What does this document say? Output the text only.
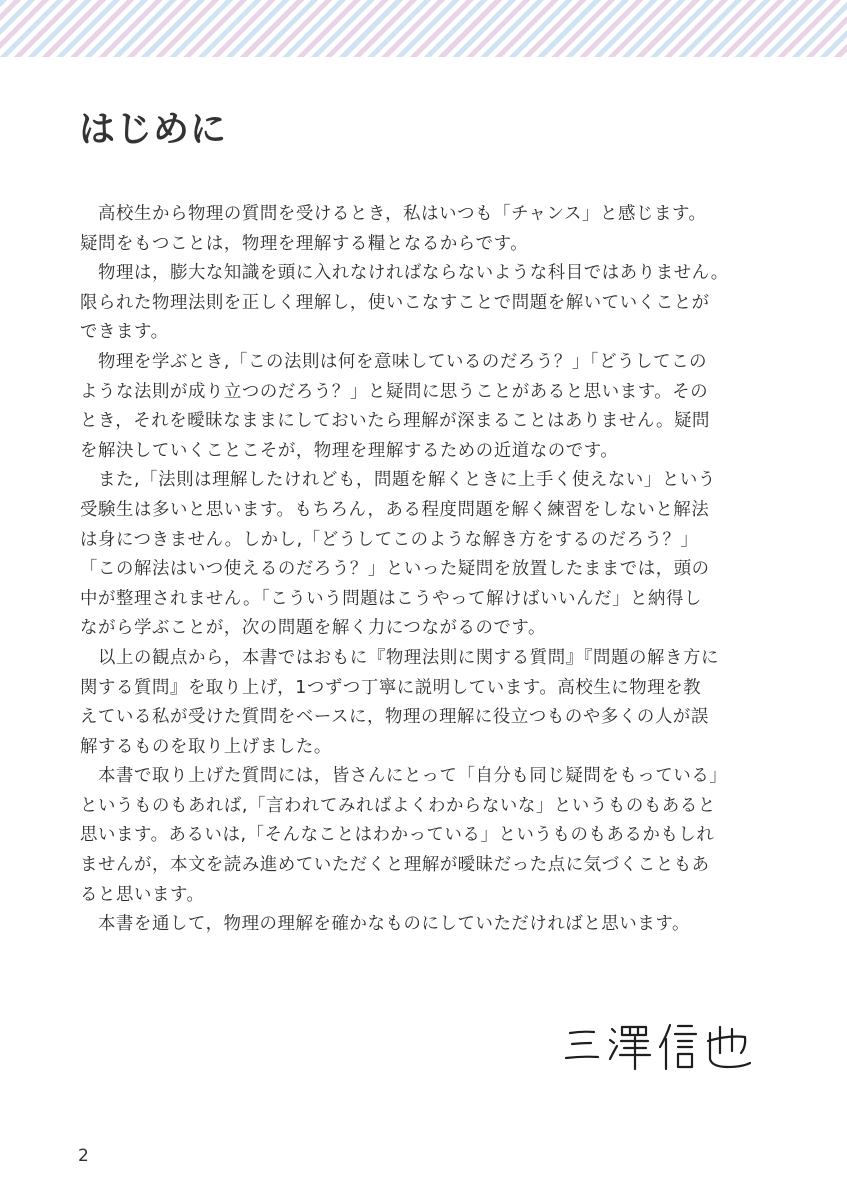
はじめに

　高校生から物理の質問を受けるとき，私はいつも「チャンス」と感じます。
疑問をもつことは，物理を理解する糧となるからです。

　物理は，膨大な知識を頭に入れなければならないような科目ではありません。
限られた物理法則を正しく理解し，使いこなすことで問題を解いていくことが
できます。

　物理を学ぶとき,「この法則は何を意味しているのだろう？」「どうしてこの
ような法則が成り立つのだろう？」と疑問に思うことがあると思います。その
とき，それを曖昧なままにしておいたら理解が深まることはありません。疑問
を解決していくことこそが，物理を理解するための近道なのです。

　また,「法則は理解したけれども，問題を解くときに上手く使えない」という
受験生は多いと思います。もちろん，ある程度問題を解く練習をしないと解法
は身につきません。しかし,「どうしてこのような解き方をするのだろう？」
「この解法はいつ使えるのだろう？」といった疑問を放置したままでは，頭の
中が整理されません。「こういう問題はこうやって解けばいいんだ」と納得し
ながら学ぶことが，次の問題を解く力につながるのです。

　以上の観点から，本書ではおもに『物理法則に関する質問』『問題の解き方に
関する質問』を取り上げ，1つずつ丁寧に説明しています。高校生に物理を教
えている私が受けた質問をベースに，物理の理解に役立つものや多くの人が誤
解するものを取り上げました。

　本書で取り上げた質問には，皆さんにとって「自分も同じ疑問をもっている」
というものもあれば,「言われてみればよくわからないな」というものもあると
思います。あるいは,「そんなことはわかっている」というものもあるかもしれ
ませんが，本文を読み進めていただくと理解が曖昧だった点に気づくこともあ
ると思います。

　本書を通して，物理の理解を確かなものにしていただければと思います。

2
